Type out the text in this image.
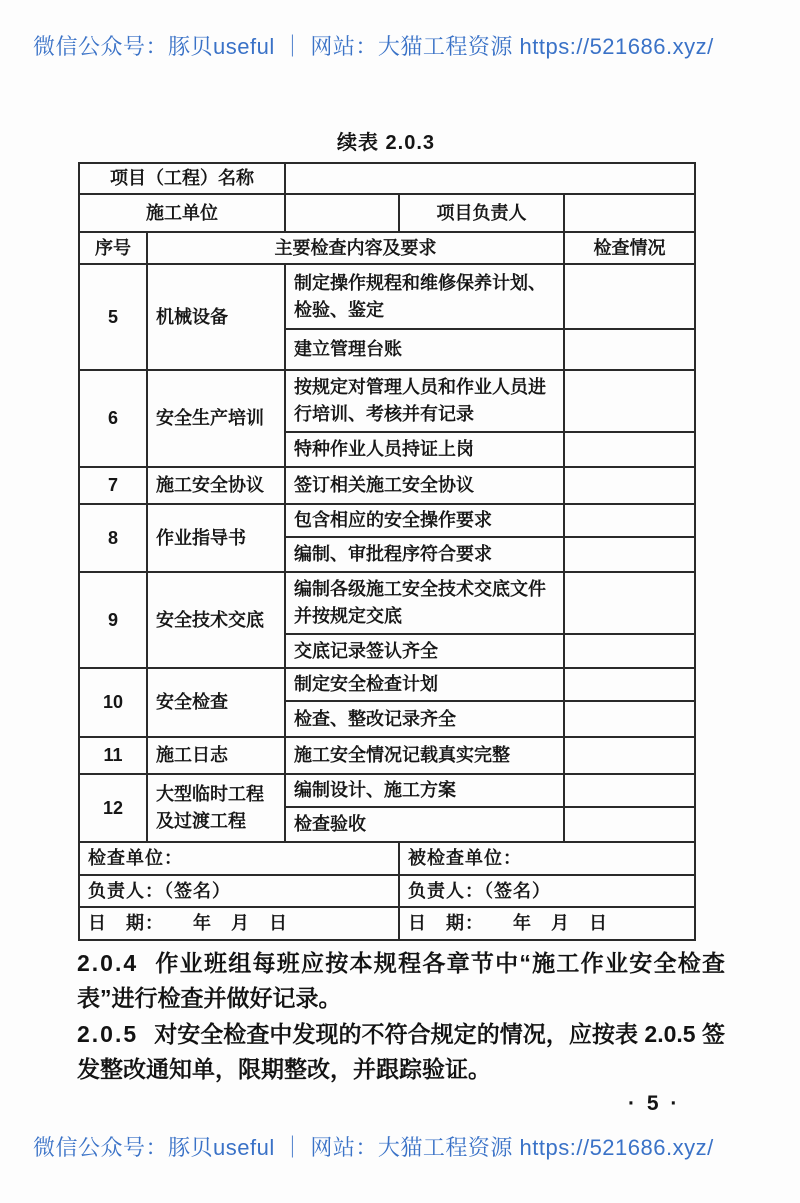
微信公众号：豚贝useful ｜ 网站：大猫工程资源 https://521686.xyz/
续表 2.0.3
项目（工程）名称				
施工单位			项目负责人	
序号	主要检查内容及要求			检查情况
5	机械设备	制定操作规程和维修保养计划、检验、鉴定		
		建立管理台账		
6	安全生产培训	按规定对管理人员和作业人员进行培训、考核并有记录		
		特种作业人员持证上岗		
7	施工安全协议	签订相关施工安全协议		
8	作业指导书	包含相应的安全操作要求		
		编制、审批程序符合要求		
9	安全技术交底	编制各级施工安全技术交底文件并按规定交底		
		交底记录签认齐全		
10	安全检查	制定安全检查计划		
		检查、整改记录齐全		
11	施工日志	施工安全情况记载真实完整		
12	大型临时工程及过渡工程	编制设计、施工方案		
		检查验收		
检查单位：			被检查单位：	
负责人：（签名）			负责人：（签名）	
日　期：　　年　月　日			日　期：　　年　月　日	

2.0.4 作业班组每班应按本规程各章节中“施工作业安全检查表”进行检查并做好记录。

2.0.5 对安全检查中发现的不符合规定的情况，应按表 2.0.5 签发整改通知单，限期整改，并跟踪验证。

· 5 ·
微信公众号：豚贝useful ｜ 网站：大猫工程资源 https://521686.xyz/
